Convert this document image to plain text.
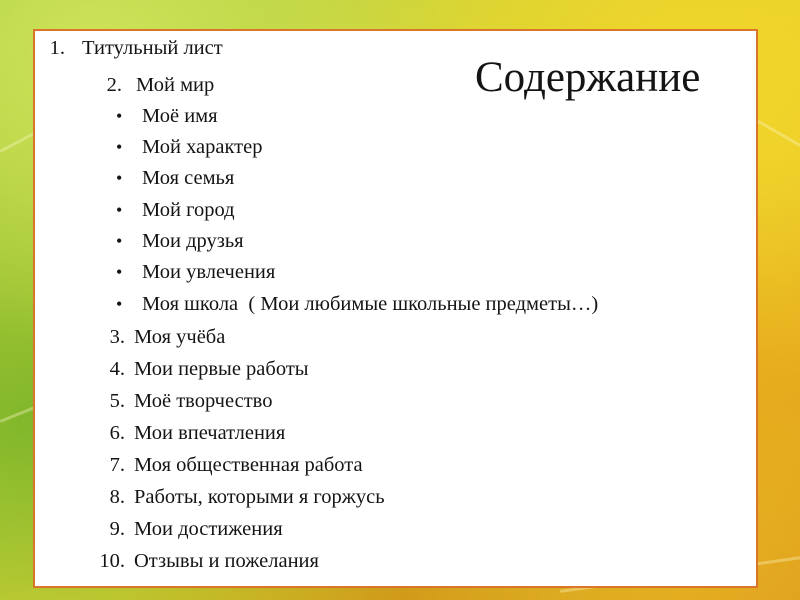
Содержание
1. Титульный лист
2. Мой мир
• Моё имя
• Мой характер
• Моя семья
• Мой город
• Мои друзья
• Мои увлечения
• Моя школа  ( Мои любимые школьные предметы…)
3. Моя учёба
4. Мои первые работы
5. Моё творчество
6. Мои впечатления
7. Моя общественная работа
8. Работы, которыми я горжусь
9. Мои достижения
10. Отзывы и пожелания
